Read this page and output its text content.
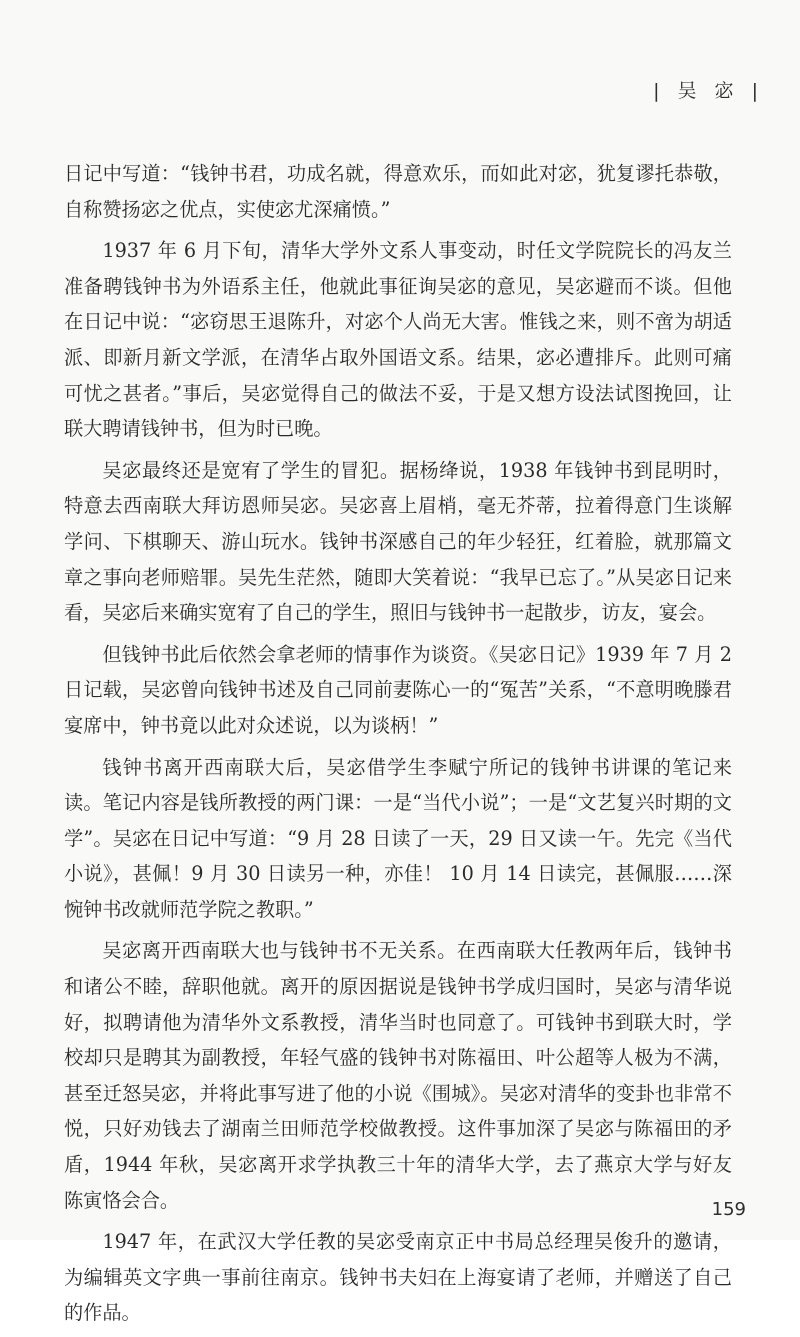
| 吴 宓 |

日记中写道：“钱钟书君，功成名就，得意欢乐，而如此对宓，犹复谬托恭敬，自称赞扬宓之优点，实使宓尤深痛愤。”

1937 年 6 月下旬，清华大学外文系人事变动，时任文学院院长的冯友兰准备聘钱钟书为外语系主任，他就此事征询吴宓的意见，吴宓避而不谈。但他在日记中说：“宓窃思王退陈升，对宓个人尚无大害。惟钱之来，则不啻为胡适派、即新月新文学派，在清华占取外国语文系。结果，宓必遭排斥。此则可痛可忧之甚者。”事后，吴宓觉得自己的做法不妥，于是又想方设法试图挽回，让联大聘请钱钟书，但为时已晚。

吴宓最终还是宽宥了学生的冒犯。据杨绛说，1938 年钱钟书到昆明时，特意去西南联大拜访恩师吴宓。吴宓喜上眉梢，毫无芥蒂，拉着得意门生谈解学问、下棋聊天、游山玩水。钱钟书深感自己的年少轻狂，红着脸，就那篇文章之事向老师赔罪。吴先生茫然，随即大笑着说：“我早已忘了。”从吴宓日记来看，吴宓后来确实宽宥了自己的学生，照旧与钱钟书一起散步，访友，宴会。

但钱钟书此后依然会拿老师的情事作为谈资。《吴宓日记》1939 年 7 月 2 日记载，吴宓曾向钱钟书述及自己同前妻陈心一的“冤苦”关系，“不意明晚滕君宴席中，钟书竟以此对众述说，以为谈柄！”

钱钟书离开西南联大后，吴宓借学生李赋宁所记的钱钟书讲课的笔记来读。笔记内容是钱所教授的两门课：一是“当代小说”；一是“文艺复兴时期的文学”。吴宓在日记中写道：“9 月 28 日读了一天，29 日又读一午。先完《当代小说》，甚佩！9 月 30 日读另一种，亦佳！ 10 月 14 日读完，甚佩服……深惋钟书改就师范学院之教职。”

吴宓离开西南联大也与钱钟书不无关系。在西南联大任教两年后，钱钟书和诸公不睦，辞职他就。离开的原因据说是钱钟书学成归国时，吴宓与清华说好，拟聘请他为清华外文系教授，清华当时也同意了。可钱钟书到联大时，学校却只是聘其为副教授，年轻气盛的钱钟书对陈福田、叶公超等人极为不满，甚至迁怒吴宓，并将此事写进了他的小说《围城》。吴宓对清华的变卦也非常不悦，只好劝钱去了湖南兰田师范学校做教授。这件事加深了吴宓与陈福田的矛盾，1944 年秋，吴宓离开求学执教三十年的清华大学，去了燕京大学与好友陈寅恪会合。

1947 年，在武汉大学任教的吴宓受南京正中书局总经理吴俊升的邀请，为编辑英文字典一事前往南京。钱钟书夫妇在上海宴请了老师，并赠送了自己的作品。

159
